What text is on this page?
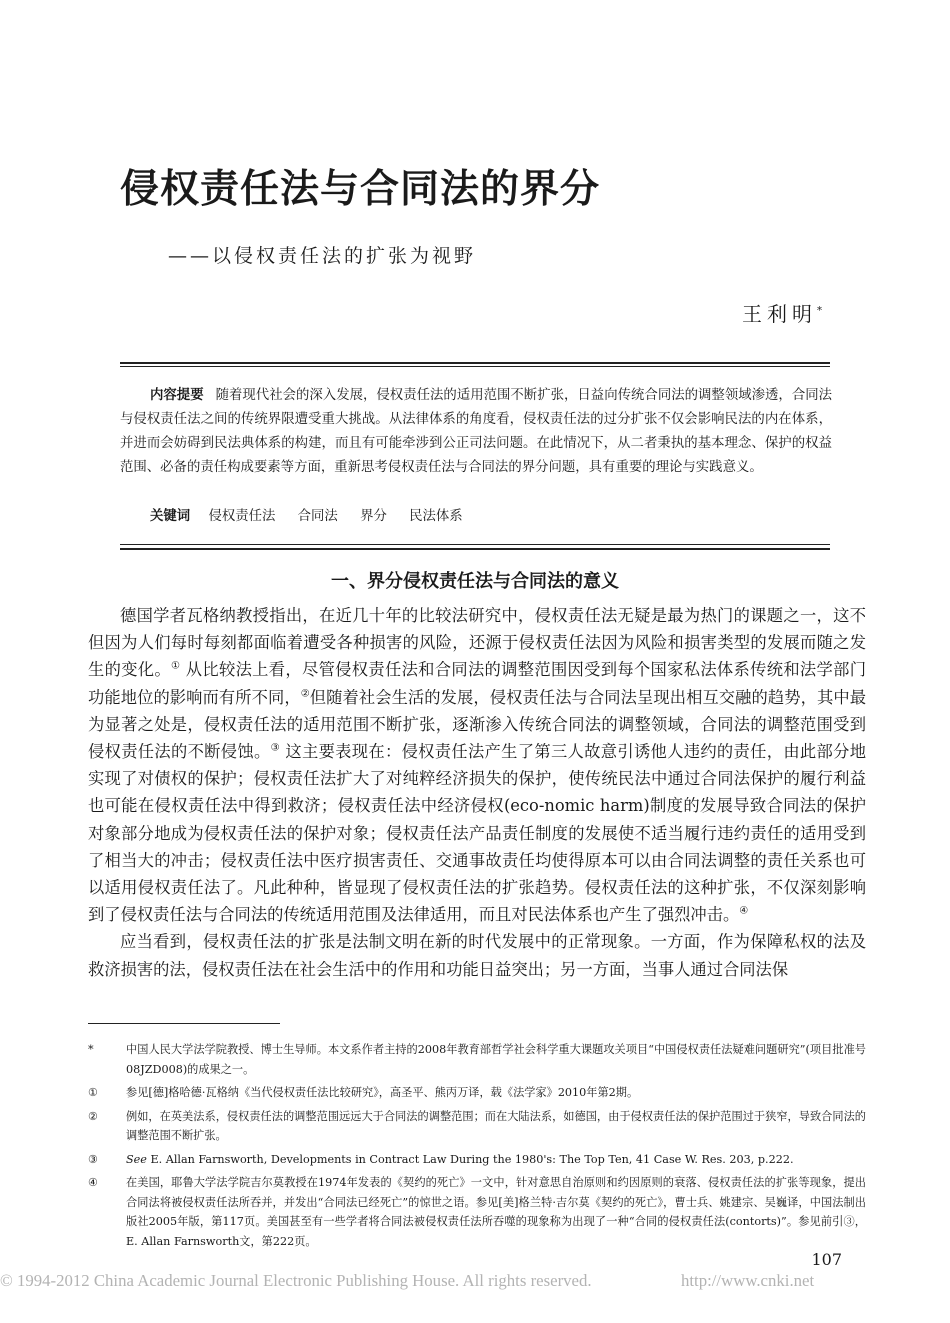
侵权责任法与合同法的界分
——以侵权责任法的扩张为视野
王利明*
内容提要 随着现代社会的深入发展，侵权责任法的适用范围不断扩张，日益向传统合同法的调整领域渗透，合同法与侵权责任法之间的传统界限遭受重大挑战。从法律体系的角度看，侵权责任法的过分扩张不仅会影响民法的内在体系，并进而会妨碍到民法典体系的构建，而且有可能牵涉到公正司法问题。在此情况下，从二者秉执的基本理念、保护的权益范围、必备的责任构成要素等方面，重新思考侵权责任法与合同法的界分问题，具有重要的理论与实践意义。
关键词 侵权责任法 合同法 界分 民法体系
一、界分侵权责任法与合同法的意义

德国学者瓦格纳教授指出，在近几十年的比较法研究中，侵权责任法无疑是最为热门的课题之一，这不但因为人们每时每刻都面临着遭受各种损害的风险，还源于侵权责任法因为风险和损害类型的发展而随之发生的变化。① 从比较法上看，尽管侵权责任法和合同法的调整范围因受到每个国家私法体系传统和法学部门功能地位的影响而有所不同，②但随着社会生活的发展，侵权责任法与合同法呈现出相互交融的趋势，其中最为显著之处是，侵权责任法的适用范围不断扩张，逐渐渗入传统合同法的调整领域，合同法的调整范围受到侵权责任法的不断侵蚀。③ 这主要表现在：侵权责任法产生了第三人故意引诱他人违约的责任，由此部分地实现了对债权的保护；侵权责任法扩大了对纯粹经济损失的保护，使传统民法中通过合同法保护的履行利益也可能在侵权责任法中得到救济；侵权责任法中经济侵权(eco-nomic harm)制度的发展导致合同法的保护对象部分地成为侵权责任法的保护对象；侵权责任法产品责任制度的发展使不适当履行违约责任的适用受到了相当大的冲击；侵权责任法中医疗损害责任、交通事故责任均使得原本可以由合同法调整的责任关系也可以适用侵权责任法了。凡此种种，皆显现了侵权责任法的扩张趋势。侵权责任法的这种扩张，不仅深刻影响到了侵权责任法与合同法的传统适用范围及法律适用，而且对民法体系也产生了强烈冲击。④

应当看到，侵权责任法的扩张是法制文明在新的时代发展中的正常现象。一方面，作为保障私权的法及救济损害的法，侵权责任法在社会生活中的作用和功能日益突出；另一方面，当事人通过合同法保

*	中国人民大学法学院教授、博士生导师。本文系作者主持的2008年教育部哲学社会科学重大课题攻关项目“中国侵权责任法疑难问题研究”(项目批准号08JZD008)的成果之一。
①	参见[德]格哈德·瓦格纳《当代侵权责任法比较研究》，高圣平、熊丙万译，载《法学家》2010年第2期。
②	例如，在英美法系，侵权责任法的调整范围远远大于合同法的调整范围；而在大陆法系，如德国，由于侵权责任法的保护范围过于狭窄，导致合同法的调整范围不断扩张。
③	See E. Allan Farnsworth, Developments in Contract Law During the 1980's: The Top Ten, 41 Case W. Res. 203, p.222.
④	在美国，耶鲁大学法学院吉尔莫教授在1974年发表的《契约的死亡》一文中，针对意思自治原则和约因原则的衰落、侵权责任法的扩张等现象，提出合同法将被侵权责任法所吞并，并发出“合同法已经死亡”的惊世之语。参见[美]格兰特·吉尔莫《契约的死亡》，曹士兵、姚建宗、吴巍译，中国法制出版社2005年版，第117页。美国甚至有一些学者将合同法被侵权责任法所吞噬的现象称为出现了一种“合同的侵权责任法(contorts)”。参见前引③，E. Allan Farnsworth文，第222页。
107
© 1994-2012 China Academic Journal Electronic Publishing House. All rights reserved.	http://www.cnki.net
